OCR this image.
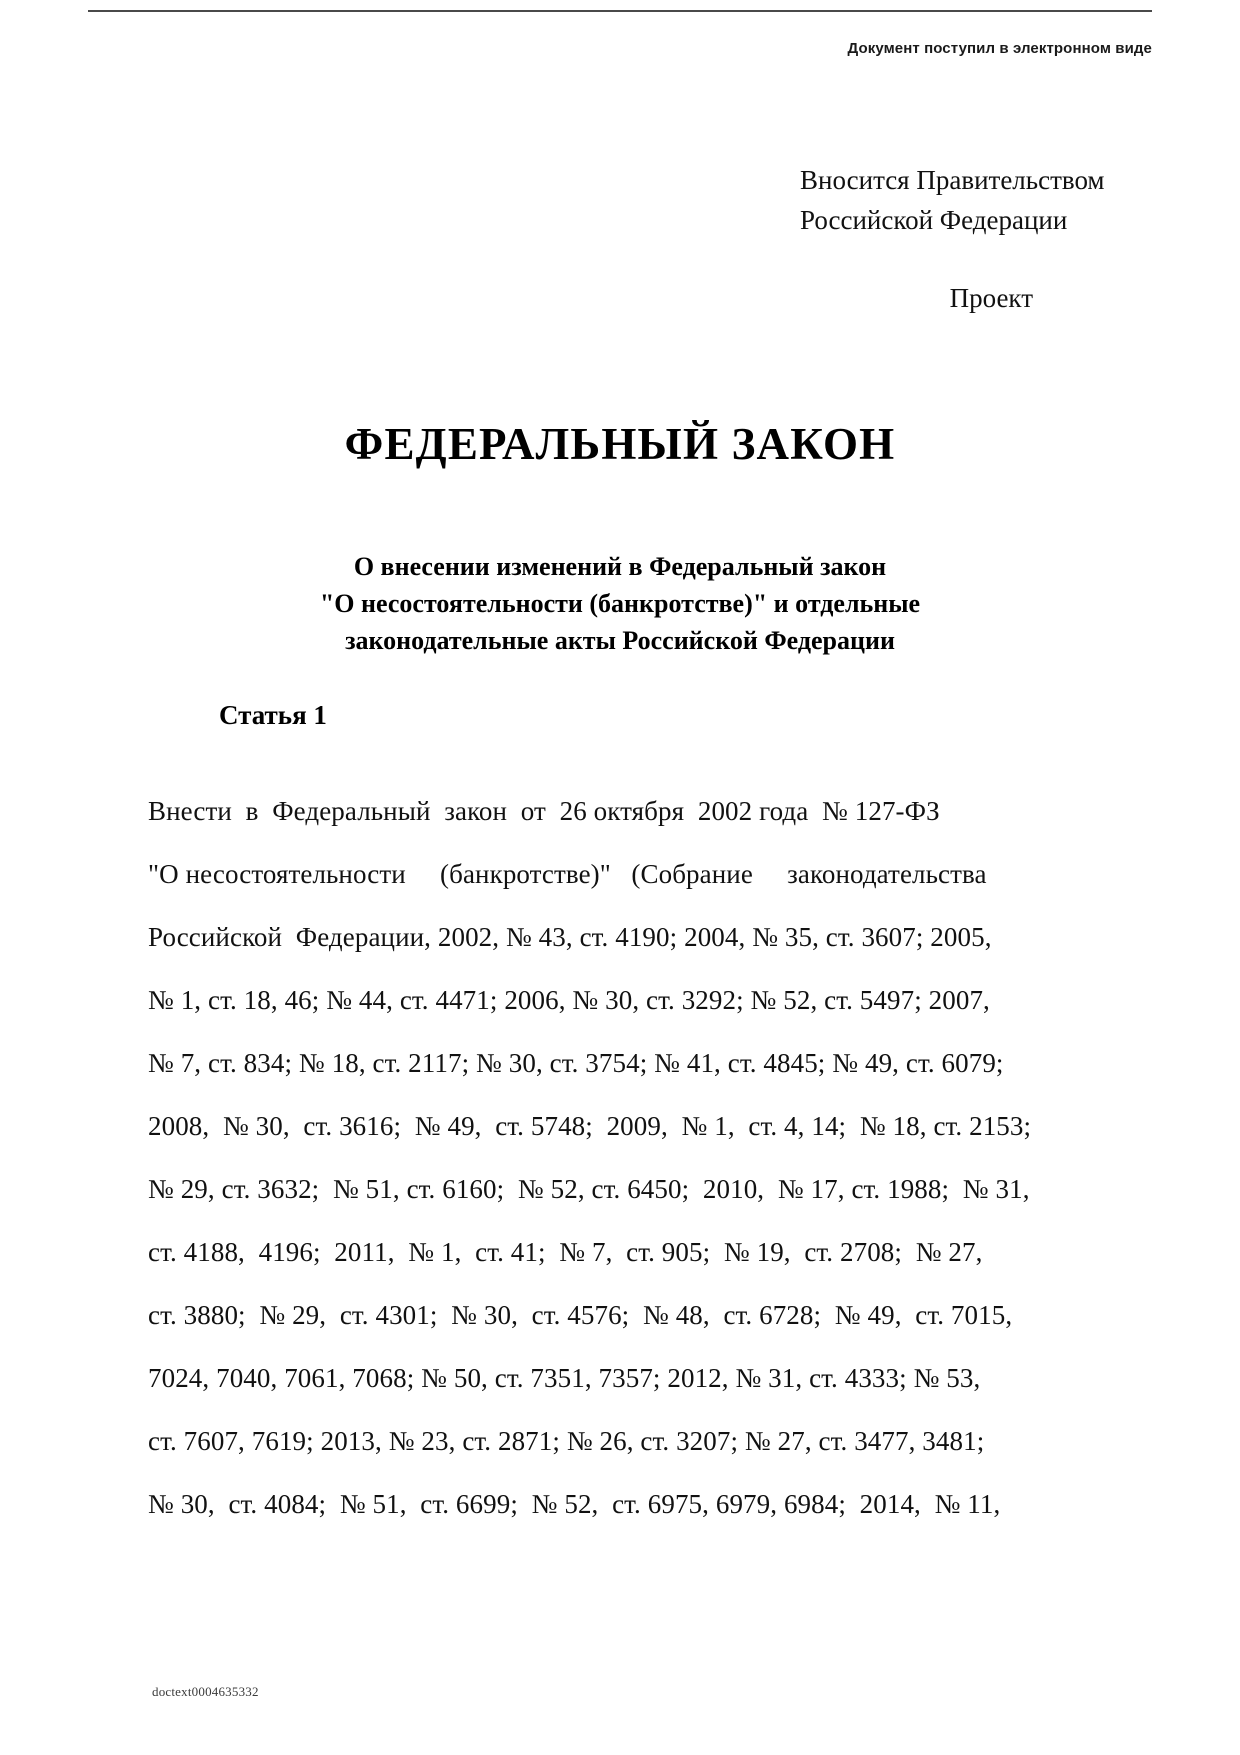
Документ поступил в электронном виде
Вносится Правительством
Российской Федерации
Проект
ФЕДЕРАЛЬНЫЙ ЗАКОН
О внесении изменений в Федеральный закон
"О несостоятельности (банкротстве)" и отдельные
законодательные акты Российской Федерации
Статья 1
Внести  в  Федеральный  закон  от  26 октября  2002 года  № 127-ФЗ
"О несостоятельности     (банкротстве)"   (Собрание     законодательства
Российской  Федерации, 2002, № 43, ст. 4190; 2004, № 35, ст. 3607; 2005,
№ 1, ст. 18, 46; № 44, ст. 4471; 2006, № 30, ст. 3292; № 52, ст. 5497; 2007,
№ 7, ст. 834; № 18, ст. 2117; № 30, ст. 3754; № 41, ст. 4845; № 49, ст. 6079;
2008,  № 30,  ст. 3616;  № 49,  ст. 5748;  2009,  № 1,  ст. 4, 14;  № 18, ст. 2153;
№ 29, ст. 3632;  № 51, ст. 6160;  № 52, ст. 6450;  2010,  № 17, ст. 1988;  № 31,
ст. 4188,  4196;  2011,  № 1,  ст. 41;  № 7,  ст. 905;  № 19,  ст. 2708;  № 27,
ст. 3880;  № 29,  ст. 4301;  № 30,  ст. 4576;  № 48,  ст. 6728;  № 49,  ст. 7015,
7024, 7040, 7061, 7068; № 50, ст. 7351, 7357; 2012, № 31, ст. 4333; № 53,
ст. 7607, 7619; 2013, № 23, ст. 2871; № 26, ст. 3207; № 27, ст. 3477, 3481;
№ 30,  ст. 4084;  № 51,  ст. 6699;  № 52,  ст. 6975, 6979, 6984;  2014,  № 11,
doctext0004635332
